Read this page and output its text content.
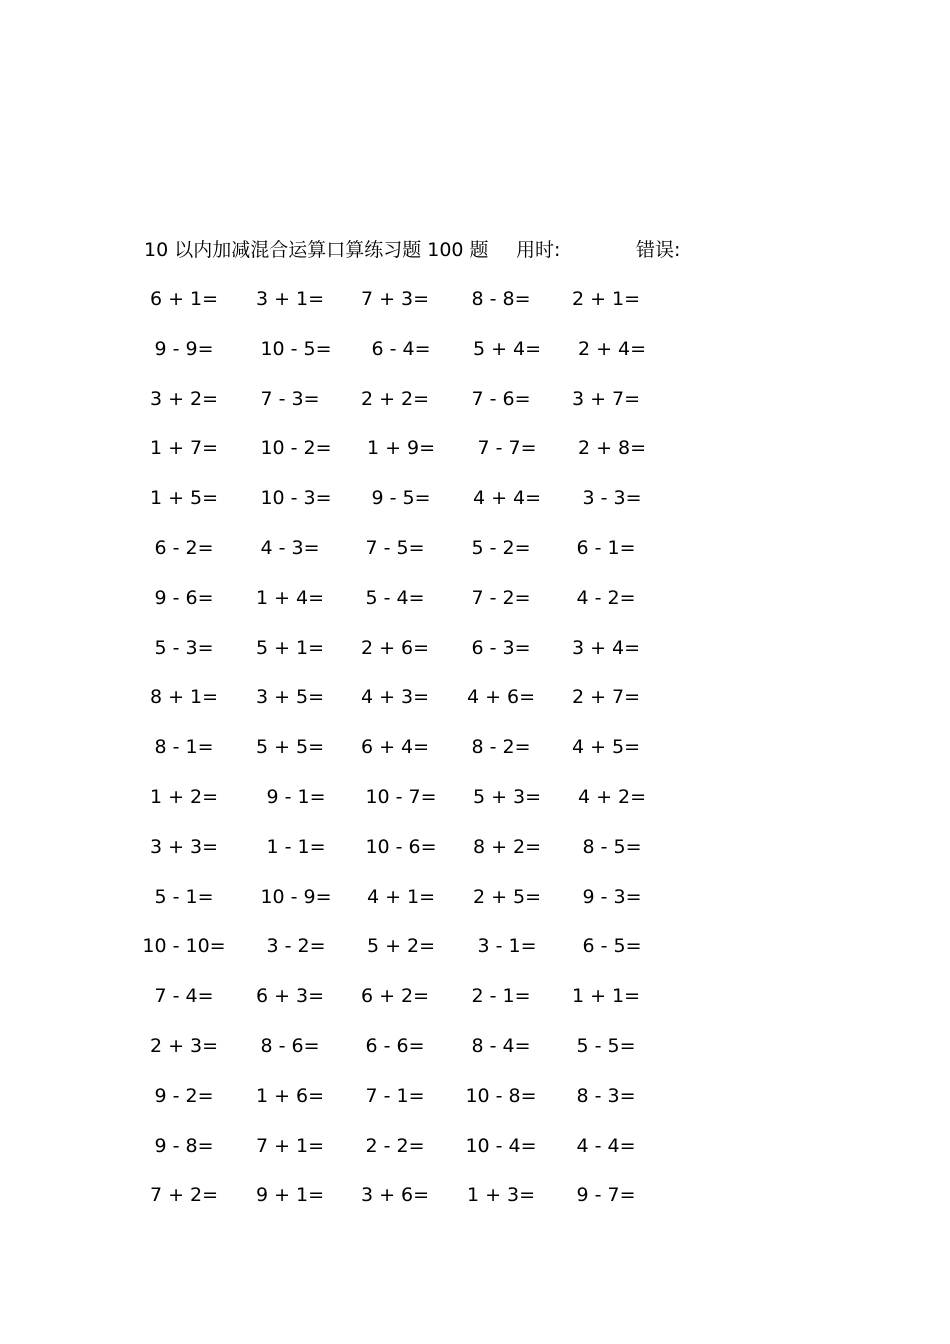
10 以内加减混合运算口算练习题 100 题 用时:	错误:
6 + 1=	3 + 1=	7 + 3=	8 - 8=	2 + 1=
9 - 9=	10 - 5=	6 - 4=	5 + 4=	2 + 4=
3 + 2=	7 - 3=	2 + 2=	7 - 6=	3 + 7=
1 + 7=	10 - 2=	1 + 9=	7 - 7=	2 + 8=
1 + 5=	10 - 3=	9 - 5=	4 + 4=	3 - 3=
6 - 2=	4 - 3=	7 - 5=	5 - 2=	6 - 1=
9 - 6=	1 + 4=	5 - 4=	7 - 2=	4 - 2=
5 - 3=	5 + 1=	2 + 6=	6 - 3=	3 + 4=
8 + 1=	3 + 5=	4 + 3=	4 + 6=	2 + 7=
8 - 1=	5 + 5=	6 + 4=	8 - 2=	4 + 5=
1 + 2=	9 - 1=	10 - 7=	5 + 3=	4 + 2=
3 + 3=	1 - 1=	10 - 6=	8 + 2=	8 - 5=
5 - 1=	10 - 9=	4 + 1=	2 + 5=	9 - 3=
10 - 10=	3 - 2=	5 + 2=	3 - 1=	6 - 5=
7 - 4=	6 + 3=	6 + 2=	2 - 1=	1 + 1=
2 + 3=	8 - 6=	6 - 6=	8 - 4=	5 - 5=
9 - 2=	1 + 6=	7 - 1=	10 - 8=	8 - 3=
9 - 8=	7 + 1=	2 - 2=	10 - 4=	4 - 4=
7 + 2=	9 + 1=	3 + 6=	1 + 3=	9 - 7=
